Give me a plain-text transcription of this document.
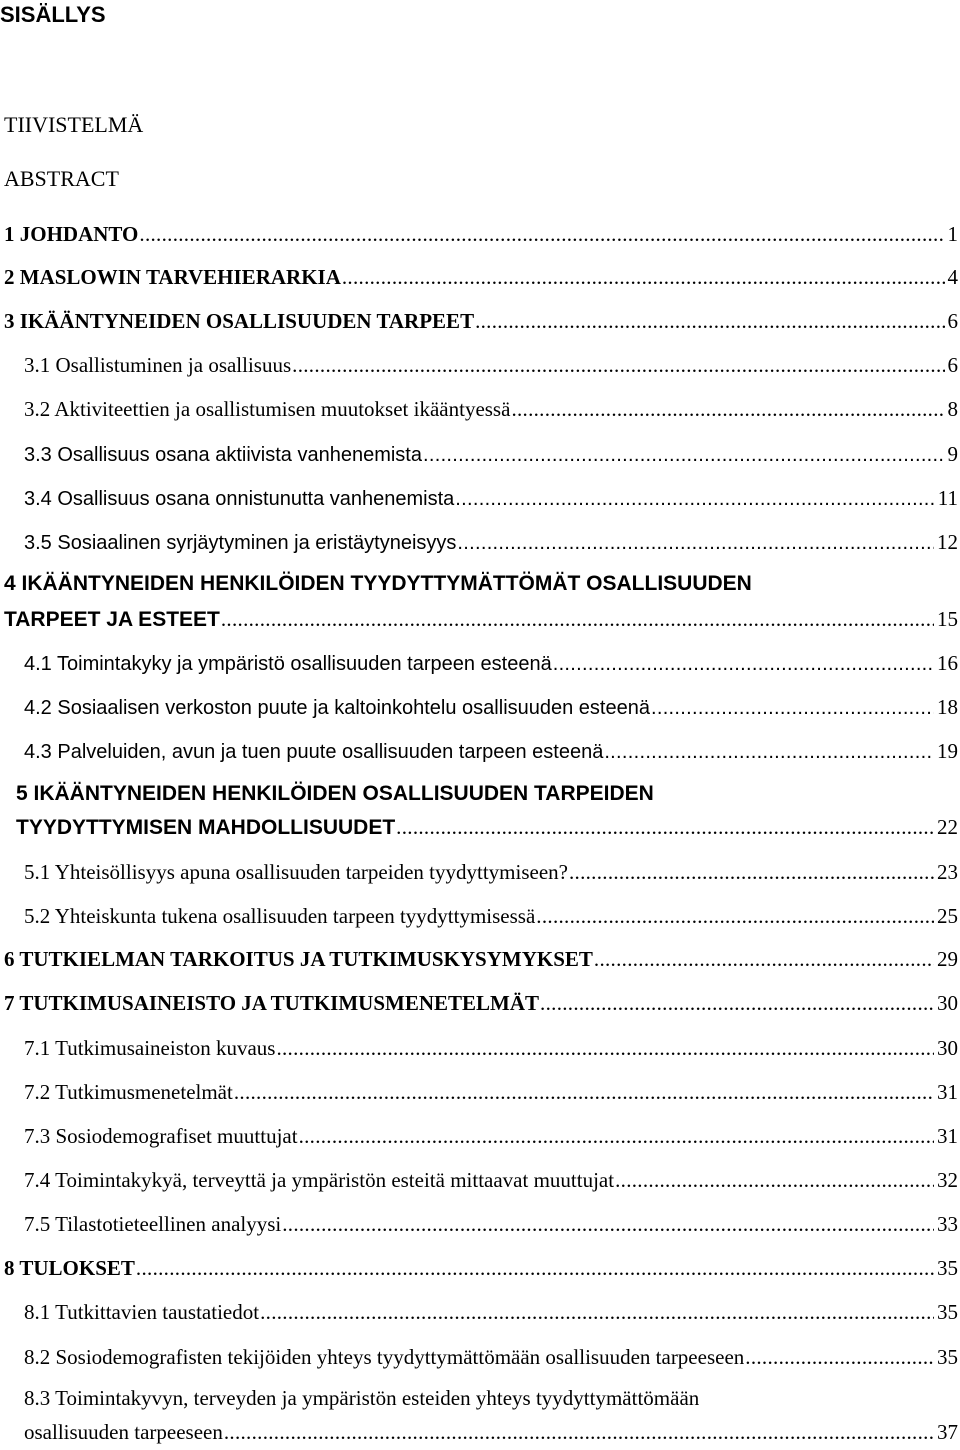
SISÄLLYS

TIIVISTELMÄ

ABSTRACT

1 JOHDANTO .....	1
2 MASLOWIN TARVEHIERARKIA .....	4
3 IKÄÄNTYNEIDEN OSALLISUUDEN TARPEET .....	6
3.1 Osallistuminen ja osallisuus .....	6
3.2 Aktiviteettien ja osallistumisen muutokset ikääntyessä .....	8
3.3 Osallisuus osana aktiivista vanhenemista .....	9
3.4 Osallisuus osana onnistunutta vanhenemista .....	11
3.5 Sosiaalinen syrjäytyminen ja eristäytyneisyys .....	12

4 IKÄÄNTYNEIDEN HENKILÖIDEN TYYDYTTYMÄTTÖMÄT OSALLISUUDEN

TARPEET JA ESTEET .....	15
4.1 Toimintakyky ja ympäristö osallisuuden tarpeen esteenä .....	16
4.2 Sosiaalisen verkoston puute ja kaltoinkohtelu osallisuuden esteenä .....	18
4.3 Palveluiden, avun ja tuen puute osallisuuden tarpeen esteenä .....	19

5 IKÄÄNTYNEIDEN HENKILÖIDEN OSALLISUUDEN TARPEIDEN

TYYDYTTYMISEN MAHDOLLISUUDET .....	22
5.1 Yhteisöllisyys apuna osallisuuden tarpeiden tyydyttymiseen? .....	23
5.2 Yhteiskunta tukena osallisuuden tarpeen tyydyttymisessä .....	25
6 TUTKIELMAN TARKOITUS JA TUTKIMUSKYSYMYKSET .....	29
7 TUTKIMUSAINEISTO JA TUTKIMUSMENETELMÄT .....	30
7.1 Tutkimusaineiston kuvaus .....	30
7.2 Tutkimusmenetelmät .....	31
7.3 Sosiodemografiset muuttujat .....	31
7.4 Toimintakykyä, terveyttä ja ympäristön esteitä mittaavat muuttujat .....	32
7.5 Tilastotieteellinen analyysi .....	33
8 TULOKSET .....	35
8.1 Tutkittavien taustatiedot .....	35
8.2 Sosiodemografisten tekijöiden yhteys tyydyttymättömään osallisuuden tarpeeseen .....	35

8.3 Toimintakyvyn, terveyden ja ympäristön esteiden yhteys tyydyttymättömään

osallisuuden tarpeeseen .....	37
